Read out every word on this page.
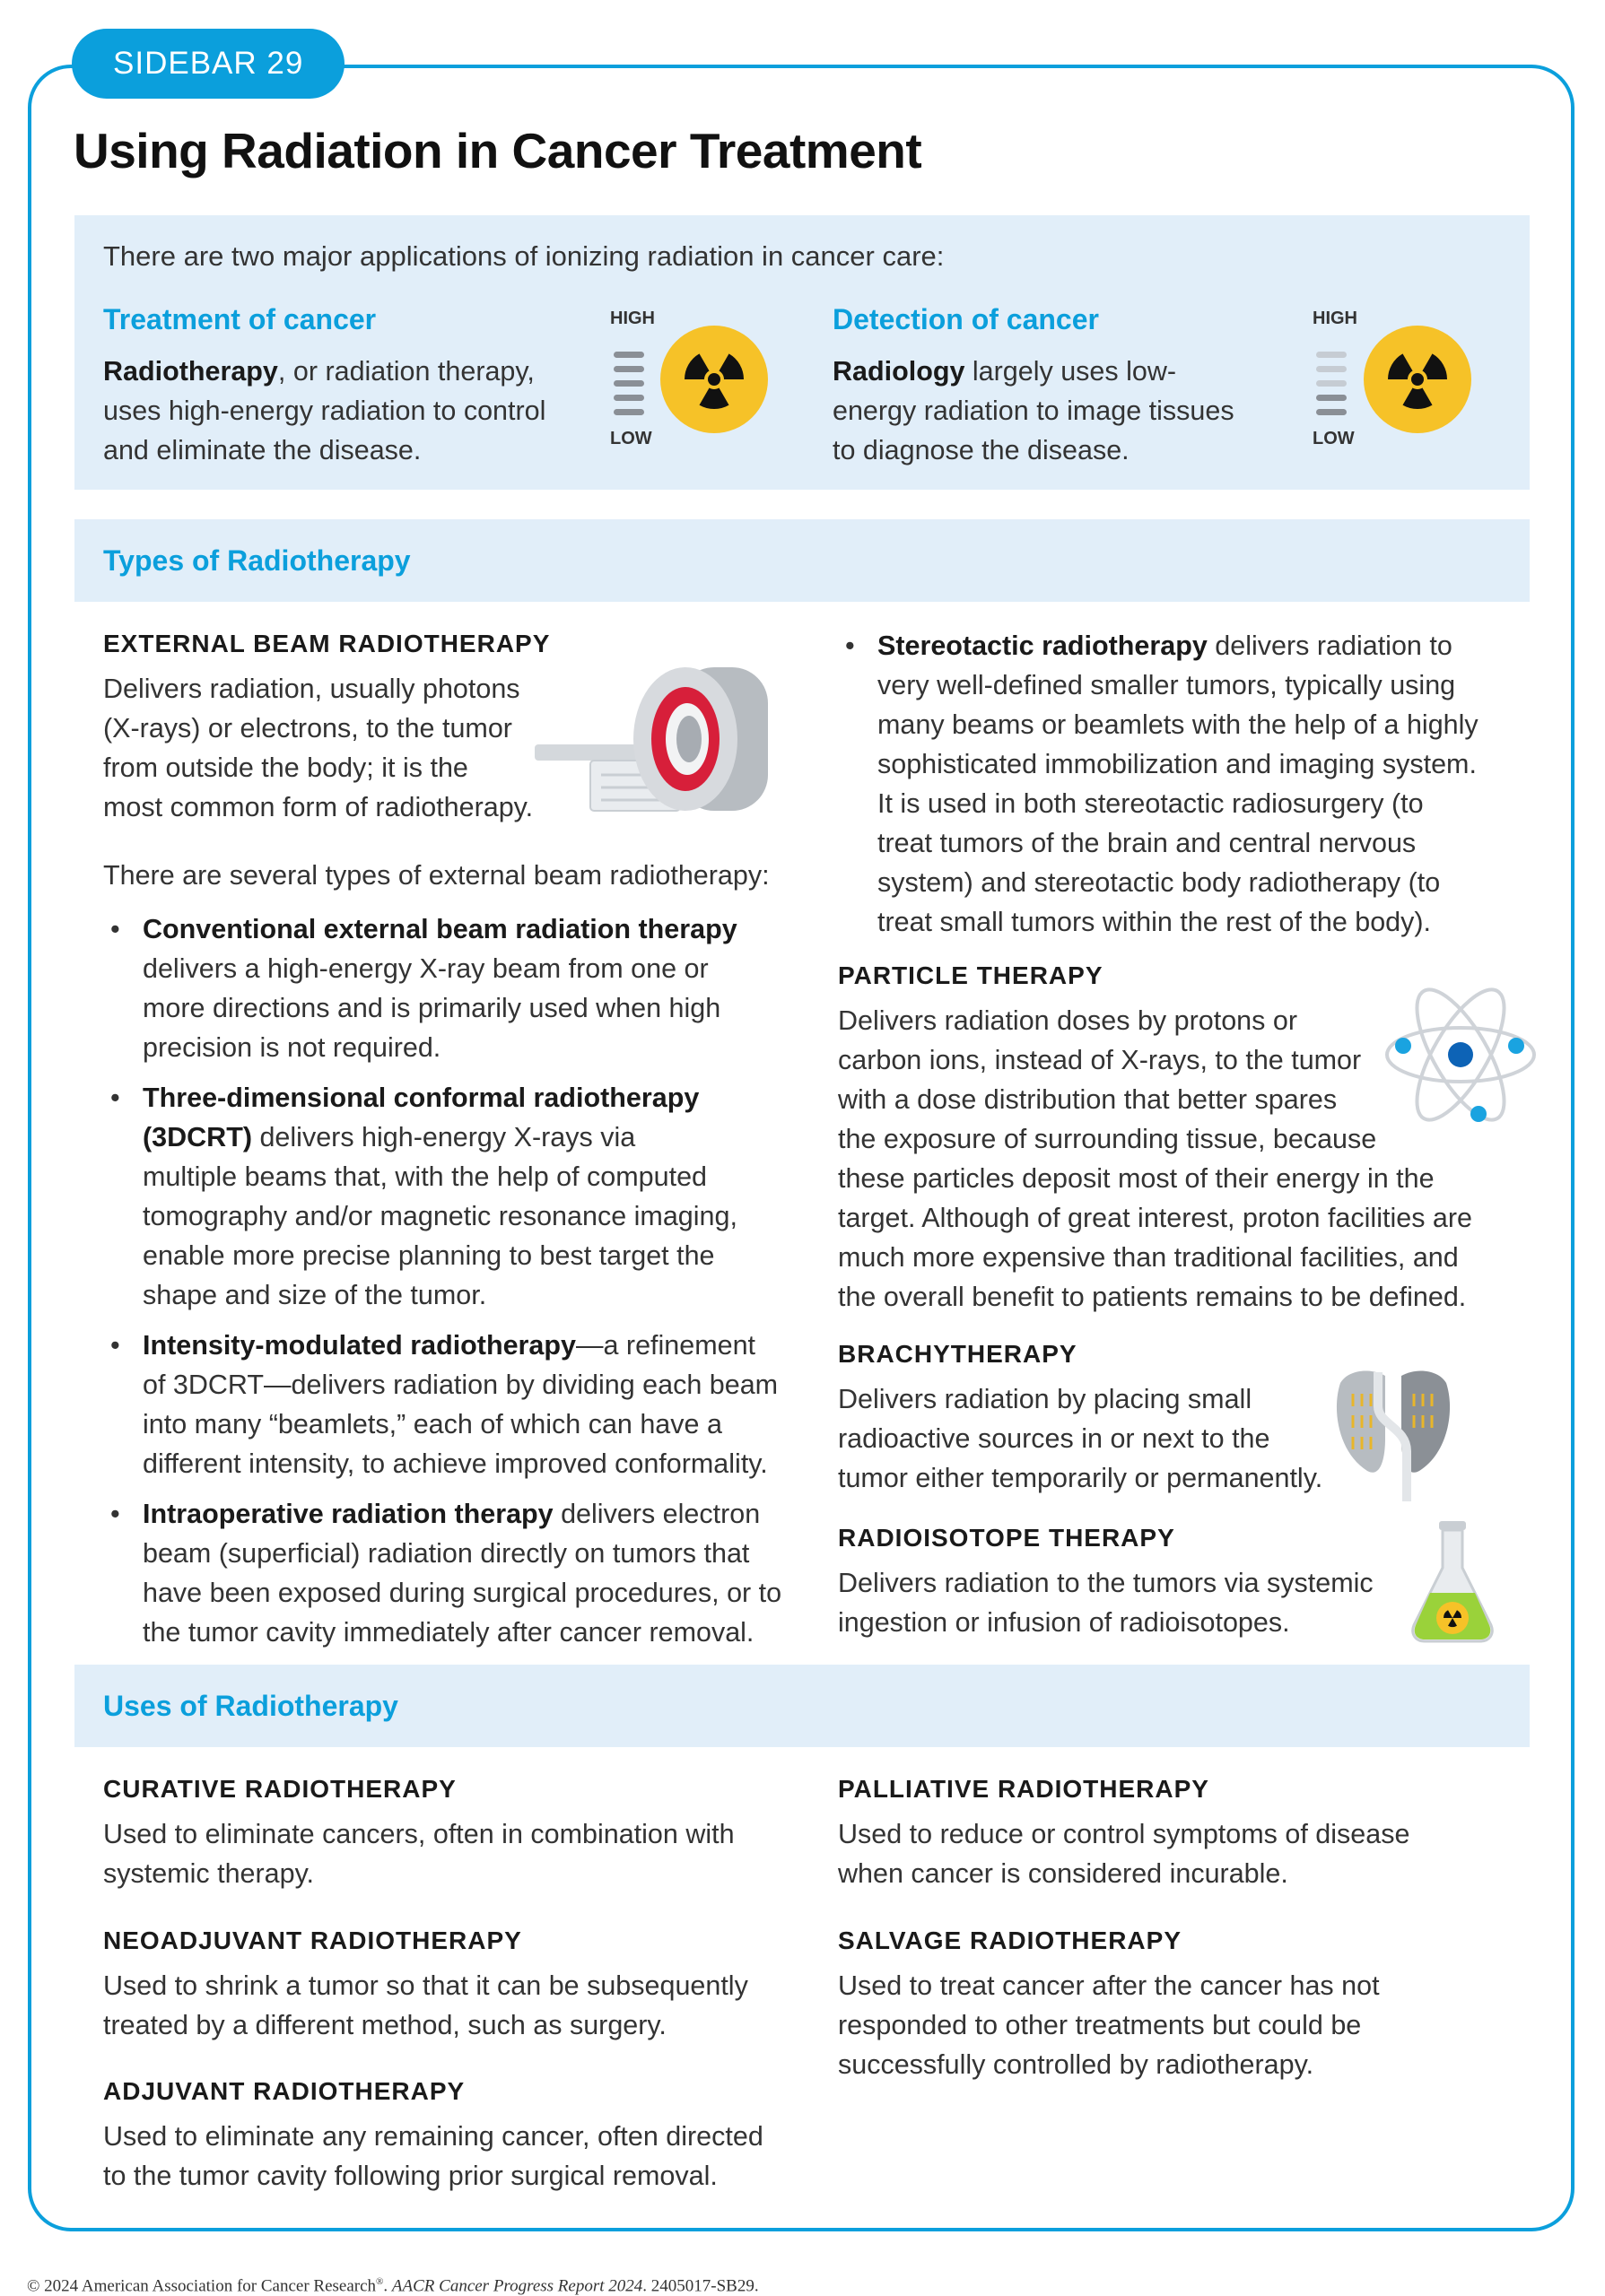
SIDEBAR 29
Using Radiation in Cancer Treatment
There are two major applications of ionizing radiation in cancer care:
Treatment of cancer
Radiotherapy, or radiation therapy,
uses high-energy radiation to control
and eliminate the disease.
HIGH
LOW
Detection of cancer
Radiology largely uses low-
energy radiation to image tissues
to diagnose the disease.
HIGH
LOW
Types of Radiotherapy
EXTERNAL BEAM RADIOTHERAPY
Delivers radiation, usually photons
(X-rays) or electrons, to the tumor
from outside the body; it is the
most common form of radiotherapy.
There are several types of external beam radiotherapy:
• Conventional external beam radiation therapy
delivers a high-energy X-ray beam from one or
more directions and is primarily used when high
precision is not required.
• Three-dimensional conformal radiotherapy
(3DCRT) delivers high-energy X-rays via
multiple beams that, with the help of computed
tomography and/or magnetic resonance imaging,
enable more precise planning to best target the
shape and size of the tumor.
• Intensity-modulated radiotherapy—a refinement
of 3DCRT—delivers radiation by dividing each beam
into many “beamlets,” each of which can have a
different intensity, to achieve improved conformality.
• Intraoperative radiation therapy delivers electron
beam (superficial) radiation directly on tumors that
have been exposed during surgical procedures, or to
the tumor cavity immediately after cancer removal.
• Stereotactic radiotherapy delivers radiation to
very well-defined smaller tumors, typically using
many beams or beamlets with the help of a highly
sophisticated immobilization and imaging system.
It is used in both stereotactic radiosurgery (to
treat tumors of the brain and central nervous
system) and stereotactic body radiotherapy (to
treat small tumors within the rest of the body).
PARTICLE THERAPY
Delivers radiation doses by protons or
carbon ions, instead of X-rays, to the tumor
with a dose distribution that better spares
the exposure of surrounding tissue, because
these particles deposit most of their energy in the
target. Although of great interest, proton facilities are
much more expensive than traditional facilities, and
the overall benefit to patients remains to be defined.
BRACHYTHERAPY
Delivers radiation by placing small
radioactive sources in or next to the
tumor either temporarily or permanently.
RADIOISOTOPE THERAPY
Delivers radiation to the tumors via systemic
ingestion or infusion of radioisotopes.
Uses of Radiotherapy
CURATIVE RADIOTHERAPY
Used to eliminate cancers, often in combination with
systemic therapy.
NEOADJUVANT RADIOTHERAPY
Used to shrink a tumor so that it can be subsequently
treated by a different method, such as surgery.
ADJUVANT RADIOTHERAPY
Used to eliminate any remaining cancer, often directed
to the tumor cavity following prior surgical removal.
PALLIATIVE RADIOTHERAPY
Used to reduce or control symptoms of disease
when cancer is considered incurable.
SALVAGE RADIOTHERAPY
Used to treat cancer after the cancer has not
responded to other treatments but could be
successfully controlled by radiotherapy.
© 2024 American Association for Cancer Research®. AACR Cancer Progress Report 2024. 2405017-SB29.
